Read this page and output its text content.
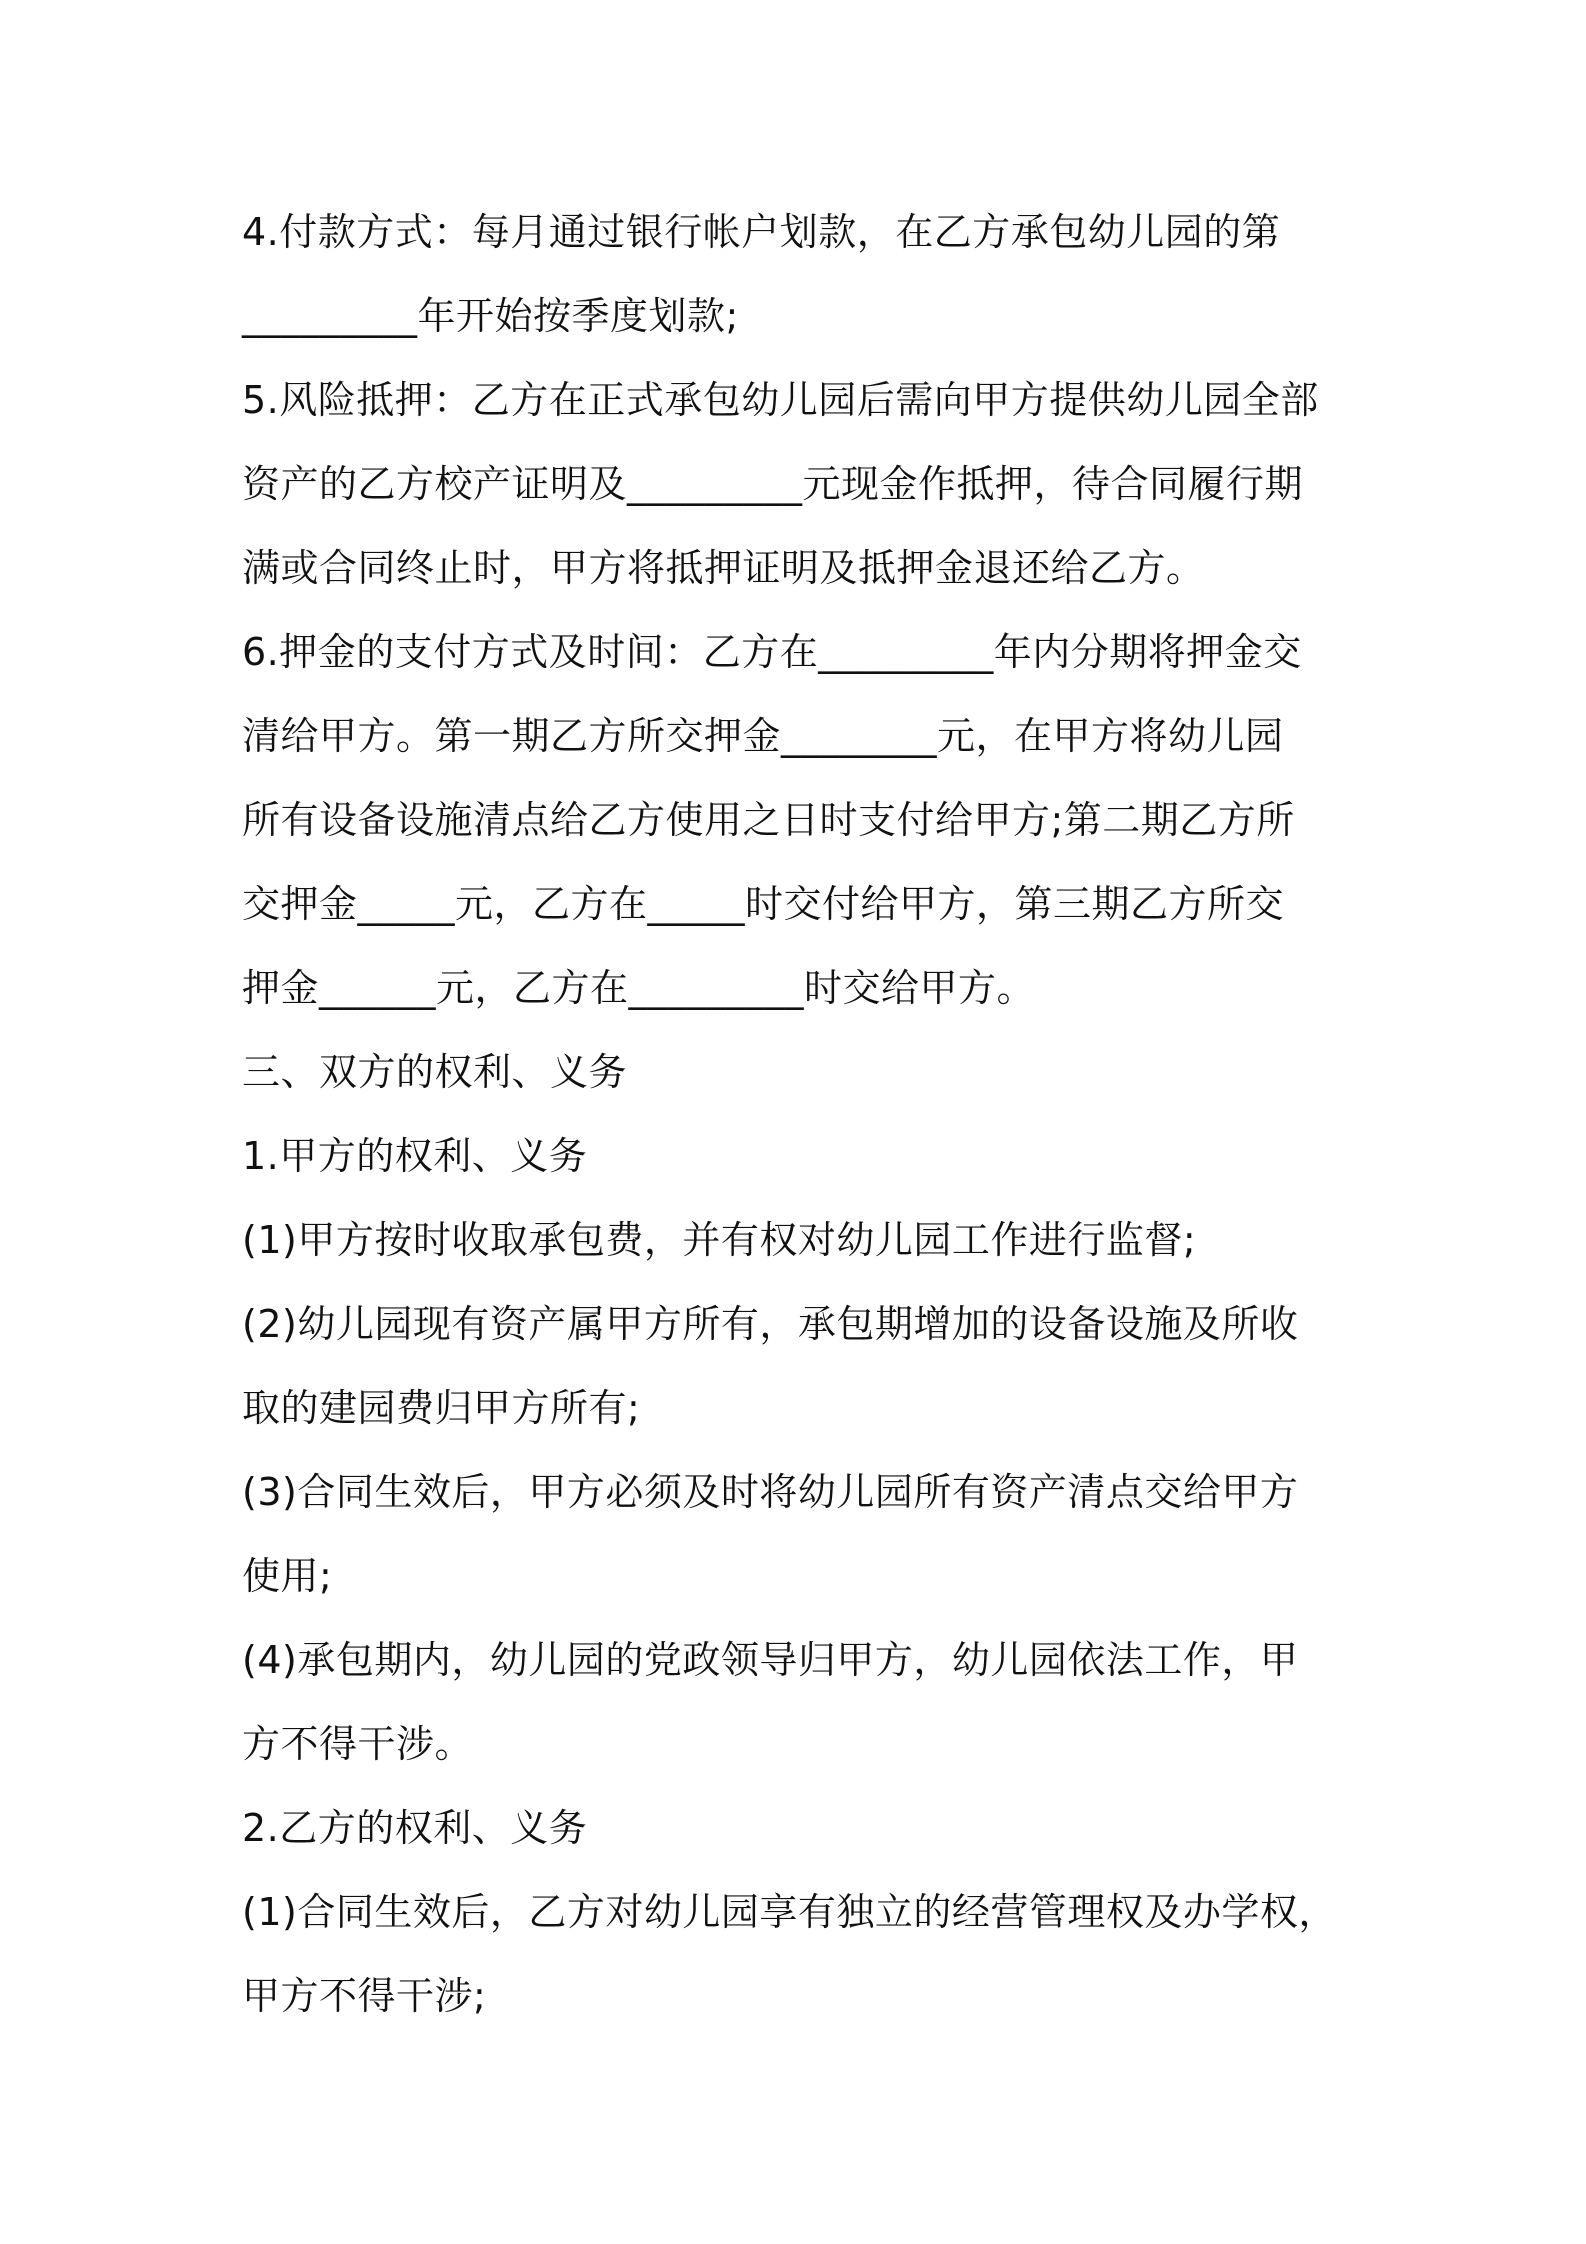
4.付款方式：每月通过银行帐户划款，在乙方承包幼儿园的第
_________年开始按季度划款;
5.风险抵押：乙方在正式承包幼儿园后需向甲方提供幼儿园全部
资产的乙方校产证明及_________元现金作抵押，待合同履行期
满或合同终止时，甲方将抵押证明及抵押金退还给乙方。
6.押金的支付方式及时间：乙方在_________年内分期将押金交
清给甲方。第一期乙方所交押金________元，在甲方将幼儿园
所有设备设施清点给乙方使用之日时支付给甲方;第二期乙方所
交押金_____元，乙方在_____时交付给甲方，第三期乙方所交
押金______元，乙方在_________时交给甲方。
三、双方的权利、义务
1.甲方的权利、义务
(1)甲方按时收取承包费，并有权对幼儿园工作进行监督;
(2)幼儿园现有资产属甲方所有，承包期增加的设备设施及所收
取的建园费归甲方所有;
(3)合同生效后，甲方必须及时将幼儿园所有资产清点交给甲方
使用;
(4)承包期内，幼儿园的党政领导归甲方，幼儿园依法工作，甲
方不得干涉。
2.乙方的权利、义务
(1)合同生效后，乙方对幼儿园享有独立的经营管理权及办学权，
甲方不得干涉;
